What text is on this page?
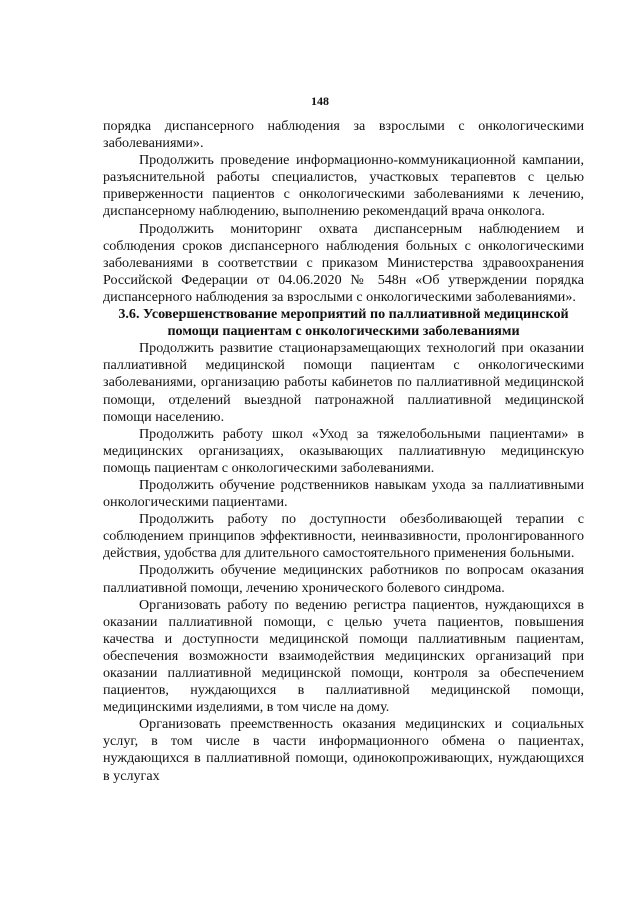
148

порядка диспансерного наблюдения за взрослыми с онкологическими заболеваниями».

Продолжить проведение информационно-коммуникационной кампании, разъяснительной работы специалистов, участковых терапевтов с целью приверженности пациентов с онкологическими заболеваниями к лечению, диспансерному наблюдению, выполнению рекомендаций врача онколога.

Продолжить мониторинг охвата диспансерным наблюдением и соблюдения сроков диспансерного наблюдения больных с онкологическими заболеваниями в соответствии с приказом Министерства здравоохранения Российской Федерации от 04.06.2020 № 548н «Об утверждении порядка диспансерного наблюдения за взрослыми с онкологическими заболеваниями».

3.6. Усовершенствование мероприятий по паллиативной медицинской помощи пациентам с онкологическими заболеваниями

Продолжить развитие стационарзамещающих технологий при оказании паллиативной медицинской помощи пациентам с онкологическими заболеваниями, организацию работы кабинетов по паллиативной медицинской помощи, отделений выездной патронажной паллиативной медицинской помощи населению.

Продолжить работу школ «Уход за тяжелобольными пациентами» в медицинских организациях, оказывающих паллиативную медицинскую помощь пациентам с онкологическими заболеваниями.

Продолжить обучение родственников навыкам ухода за паллиативными онкологическими пациентами.

Продолжить работу по доступности обезболивающей терапии с соблюдением принципов эффективности, неинвазивности, пролонгированного действия, удобства для длительного самостоятельного применения больными.

Продолжить обучение медицинских работников по вопросам оказания паллиативной помощи, лечению хронического болевого синдрома.

Организовать работу по ведению регистра пациентов, нуждающихся в оказании паллиативной помощи, с целью учета пациентов, повышения качества и доступности медицинской помощи паллиативным пациентам, обеспечения возможности взаимодействия медицинских организаций при оказании паллиативной медицинской помощи, контроля за обеспечением пациентов, нуждающихся в паллиативной медицинской помощи, медицинскими изделиями, в том числе на дому.

Организовать преемственность оказания медицинских и социальных услуг, в том числе в части информационного обмена о пациентах, нуждающихся в паллиативной помощи, одинокопроживающих, нуждающихся в услугах
